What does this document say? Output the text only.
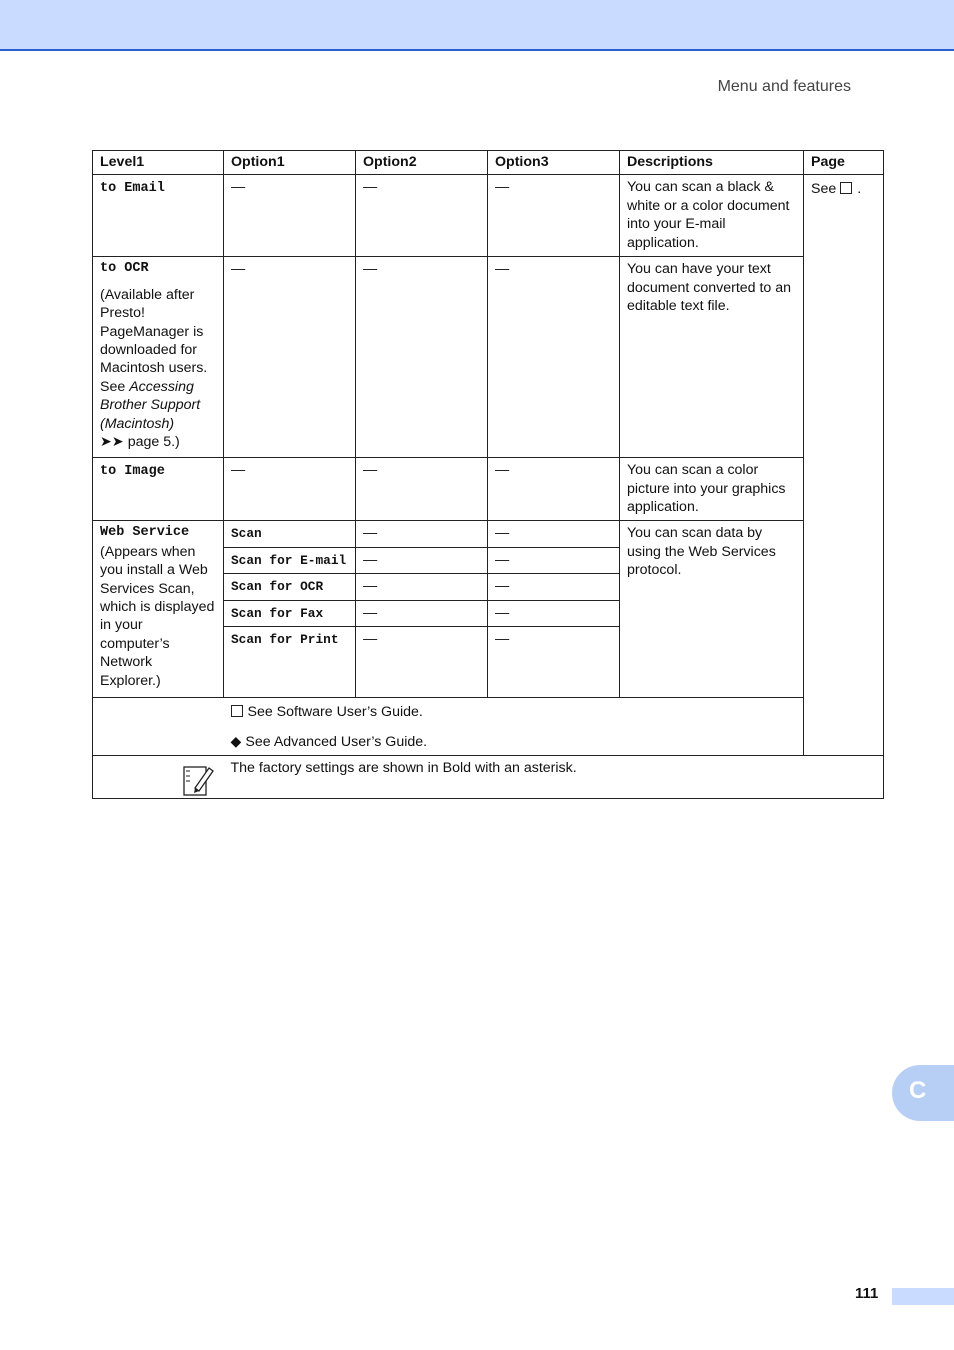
Menu and features
Level1	Option1	Option2	Option3	Descriptions	Page
to Email	—	—	—	You can scan a black & white or a color document into your E-mail application.	See .

to OCR

(Available after Presto! PageManager is downloaded for Macintosh users. See Accessing Brother Support (Macintosh)
➤➤ page 5.)	—	—	—	You can have your text document converted to an editable text file.	
to Image	—	—	—	You can scan a color picture into your graphics application.	

Web Service
(Appears when you install a Web Services Scan, which is displayed in your computer’s Network Explorer.)	Scan	—	—	You can scan data by using the Web Services protocol.	
	Scan for E-mail	—	—		
	Scan for OCR	—	—		
	Scan for Fax	—	—		
	Scan for Print	—	—		

	See Software User’s Guide.
◆ See Advanced User’s Guide.				

	The factory settings are shown in Bold with an asterisk.				
C
111
